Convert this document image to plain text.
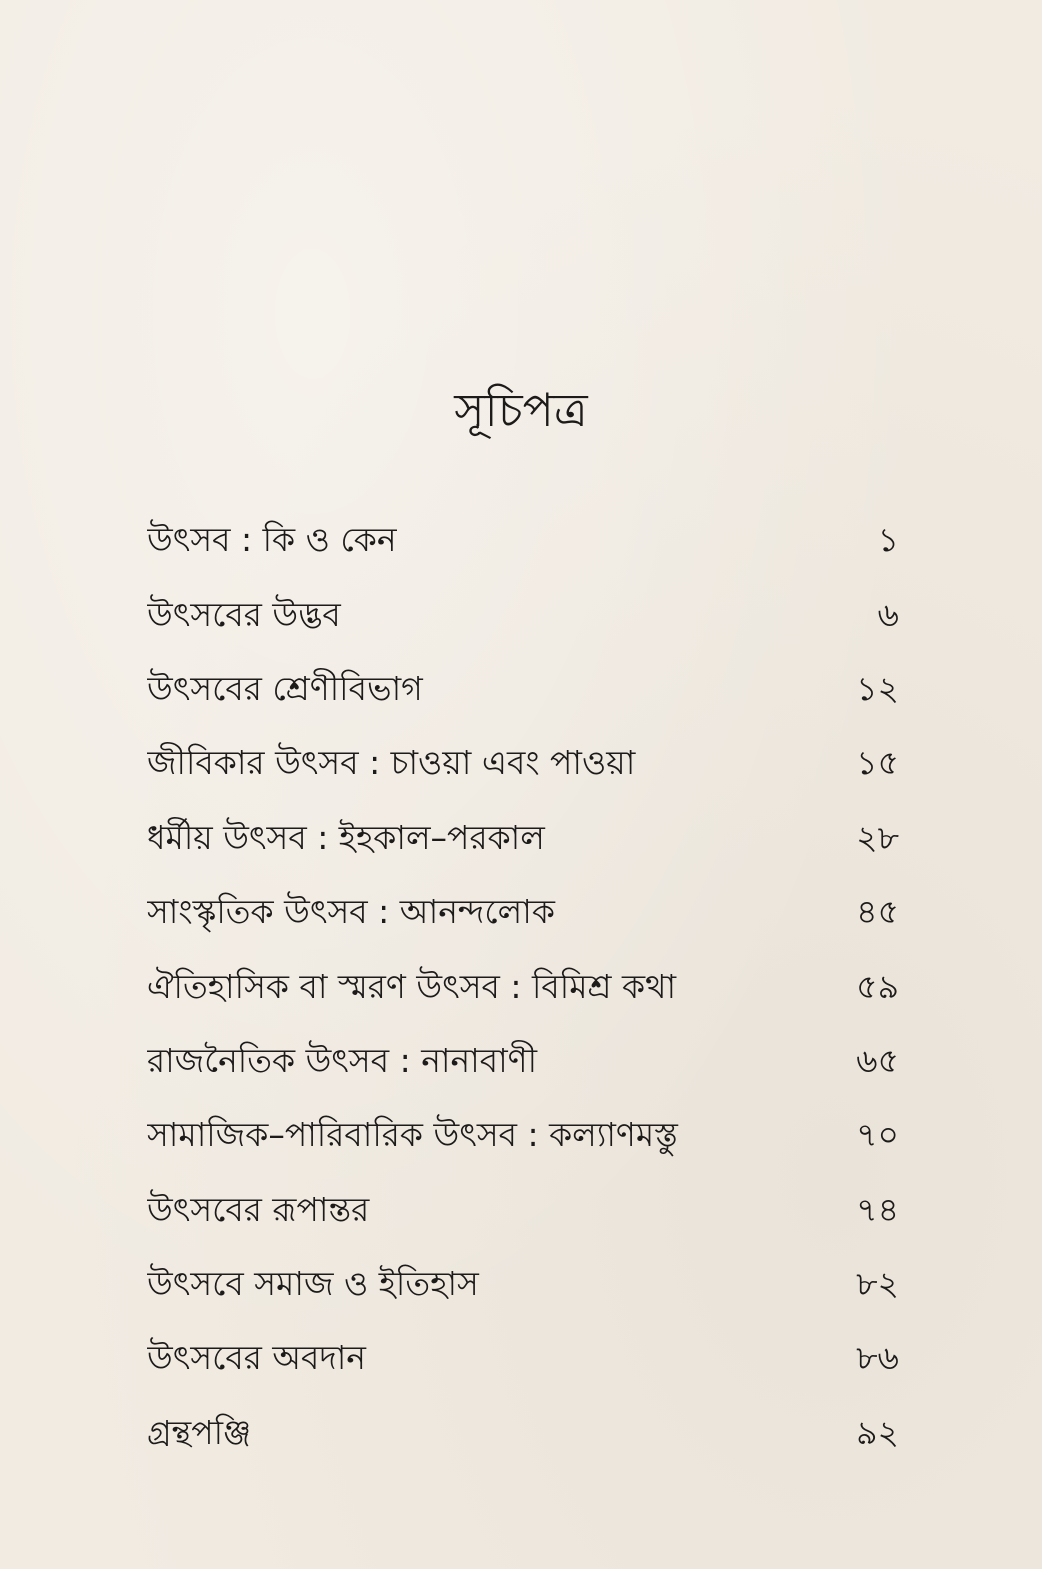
সূচিপত্র
উৎসব : কি ও কেন	১
উৎসবের উদ্ভব	৬
উৎসবের শ্রেণীবিভাগ	১২
জীবিকার উৎসব : চাওয়া এবং পাওয়া	১৫
ধর্মীয় উৎসব : ইহকাল–পরকাল	২৮
সাংস্কৃতিক উৎসব : আনন্দলোক	৪৫
ঐতিহাসিক বা স্মরণ উৎসব : বিমিশ্র কথা	৫৯
রাজনৈতিক উৎসব : নানাবাণী	৬৫
সামাজিক–পারিবারিক উৎসব : কল্যাণমস্তু	৭০
উৎসবের রূপান্তর	৭৪
উৎসবে সমাজ ও ইতিহাস	৮২
উৎসবের অবদান	৮৬
গ্রন্থপঞ্জি	৯২
